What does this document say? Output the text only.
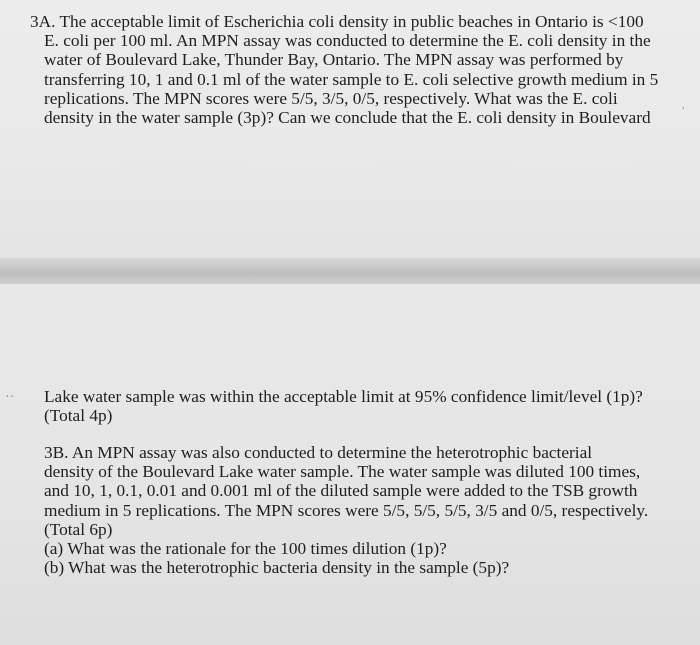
3A. The acceptable limit of Escherichia coli density in public beaches in Ontario is <100

E. coli per 100 ml. An MPN assay was conducted to determine the E. coli density in the

water of Boulevard Lake, Thunder Bay, Ontario. The MPN assay was performed by

transferring 10, 1 and 0.1 ml of the water sample to E. coli selective growth medium in 5

replications. The MPN scores were 5/5, 3/5, 0/5, respectively. What was the E. coli

density in the water sample (3p)? Can we conclude that the E. coli density in Boulevard

Lake water sample was within the acceptable limit at 95% confidence limit/level (1p)?

(Total 4p)

3B. An MPN assay was also conducted to determine the heterotrophic bacterial

density of the Boulevard Lake water sample. The water sample was diluted 100 times,

and 10, 1, 0.1, 0.01 and 0.001 ml of the diluted sample were added to the TSB growth

medium in 5 replications. The MPN scores were 5/5, 5/5, 5/5, 3/5 and 0/5, respectively.

(Total 6p)

(a) What was the rationale for the 100 times dilution (1p)?

(b) What was the heterotrophic bacteria density in the sample (5p)?

··
,
